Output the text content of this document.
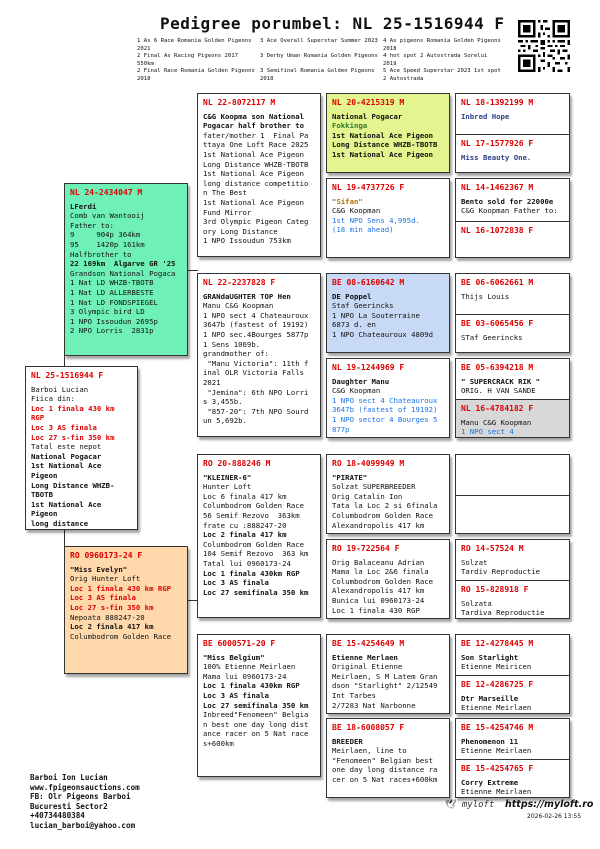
Pedigree porumbel: NL 25-1516944 F
1 As 6 Race Romania Golden Pigeons 2021
3 Ace Overall Superstar Summer 2023 4 As pigeons Romania Golden Pigeons 2018
2 Final As Racing Pigeons 2017 550km
3 Derby Uman Romania Golden Pigeons 4 hot spot 2 Autostrada Sorelui 2019
2 Final Race Romania Golden Pigeons 2018
3 Semifinal Romania Golden Pigeons 2018
5 Ace Speed Superstar 2023 1st spot 2 Autostrada
NL 25-1516944 F
Barboi Lucian
Fiica din:
Loc 1 finala 430 km RGP
Loc 3 AS finala
Loc 27 s-fin 350 km
Tatal este nepot
National Pogacar
1st National Ace Pigeon
Long Distance WHZB-TBOTB
1st National Ace Pigeon
long distance
NL 24-2434047 M
LFerdi
Comb van Wantooij
Father to:
9     904p 364km
95    1420p 161km
Halfbrother to
22 169km  Algarve GR '25
Grandson National Pogaca
1 Nat LD WHZB-TBOTB
1 Nat LD ALLERBESTE
1 Nat LD FONDSPIEGEL
3 Olympic bird LD
1 NPO Issoudun 2695p
2 NPO Lorris  2831p
RO 0960173-24 F
"Miss Evelyn"
Orig Hunter Loft
Loc 1 finala 430 km RGP
Loc 3 AS finala
Loc 27 s-fin 350 km
Nepoata 888247-20
Loc 2 finala 417 km
Columbodrom Golden Race
NL 22-8072117 M
C&G Koopma son National
Pogacar half brother to
fater/mother 1  Final Pa
ttaya One Loft Race 2025
1st National Ace Pigeon
Long Distance WHZB-TBOTB
1st National Ace Pigeon
long distance competitio
n The Best
1st National Ace Pigeon
Fund Mirror
3rd Olympic Pigeon Categ
ory Long Distance
1 NPO Issoudun 753km
NL 22-2237828 F
GRANdaUGHTER TOP Hen
Manu C&G Koopman
1 NPO sect 4 Chateauroux
3647b (fastest of 19192)
1 NPO sec.4Bourges 5877p
1 Sens 1069b.
grandmother of:
"Manu Victoria": 11th f
inal OLR Victoria Falls
2021
"Jemina": 6th NPO Lorri
s 3,455b.
"857-20": 7th NPO Sourd
un 5,692b.
RO 20-888246 M
"KLEINER-6"
Hunter Loft
Loc 6 finala 417 km
Columbodrom Golden Race
56 Semif Rezovo  363km
frate cu :888247-20
Loc 2 finala 417 km
Columbodrom Golden Race
104 Semif Rezovo  363 km
Tatal lui 0960173-24
Loc 1 finala 430km RGP
Loc 3 AS finala
Loc 27 semifinala 350 km
BE 6000571-20 F
"Miss Belgium"
100% Etienne Meirlaen
Mama lui 0960173-24
Loc 1 finala 430km RGP
Loc 3 AS finala
Loc 27 semifinala 350 km
Inbreed"Fenomeen" Belgia
n best one day long dist
ance racer on 5 Nat race
s+600km
NL 20-4215319 M
National Pogacar
Fokkinga
1st National Ace Pigeon
Long Distance WHZB-TBOTB
1st National Ace Pigeon
NL 19-4737726 F
"Sifan"
C&G Koopman
1st NPO Sens 4,995d.
(18 min ahead)
BE 08-6160642 M
DE Poppel
Staf Geerincks
1 NPO La Souterraine
6873 d. en
1 NPO Chateauroux 4809d
NL 19-1244969 F
Daughter Manu
C&G Koopman
1 NPO sect 4 Chateauroux
3647b (fastest of 19192)
1 NPO sector 4 Bourges 5
877p
RO 18-4099949 M
"PIRATE"
Solzat SUPERBREEDER
Orig Catalin Ion
Tata la Loc 2 si 6finala
Columbodrom Golden Race
Alexandropolis 417 km
RO 19-722564 F
Orig Balaceanu Adrian
Mama la Loc 2&6 finala
Columbodrom Golden Race
Alexandropolis 417 km
Bunica lui 0960173-24
Loc 1 finala 430 RGP
BE 15-4254649 M
Etienne Merlaen
Original Etienne
Meirlaen, S M Latem Gran
dson "Starlight" 2/12549
Int Tarbes
2/7283 Nat Narbonne
BE 18-6008057 F
BREEDER
Meirlaen, line to
"Fenomeen" Belgian best
one day long distance ra
cer on 5 Nat races+600km
NL 18-1392199 M
Inbred Hope
NL 17-1577926 F
Miss Beauty One.
NL 14-1462367 M
Bento sold for 22000e
C&G Koopman Father to:
NL 16-1072838 F
BE 06-6062661 M
Thijs Louis
BE 03-6065456 F
STaf Geerincks
BE 05-6394218 M
" SUPERCRACK RIK "
ORIG. H VAN SANDE
NL 16-4784182 F
Manu C&G Koopman
1 NPO sect 4
RO 14-57524 M
Solzat
Tardiv Reproductie
RO 15-828918 F
Solzata
Tardiva Reproductie
BE 12-4278445 M
Son Starlight
Etienne Meiricen
BE 12-4286725 F
Dtr Marseille
Etienne Meirlaen
BE 15-4254746 M
Phenomenon 11
Etienne Meirlaen
BE 15-4254765 F
Corry Extreme
Etienne Meirlaen
Barboi Ion Lucian
www.fpigeonsauctions.com
FB: Olr Pigeons Barboi
Bucuresti Sector2
+40734480384
lucian_barboi@yahoo.com
🕊 myloft https://myloft.ro
2026-02-26 13:55
